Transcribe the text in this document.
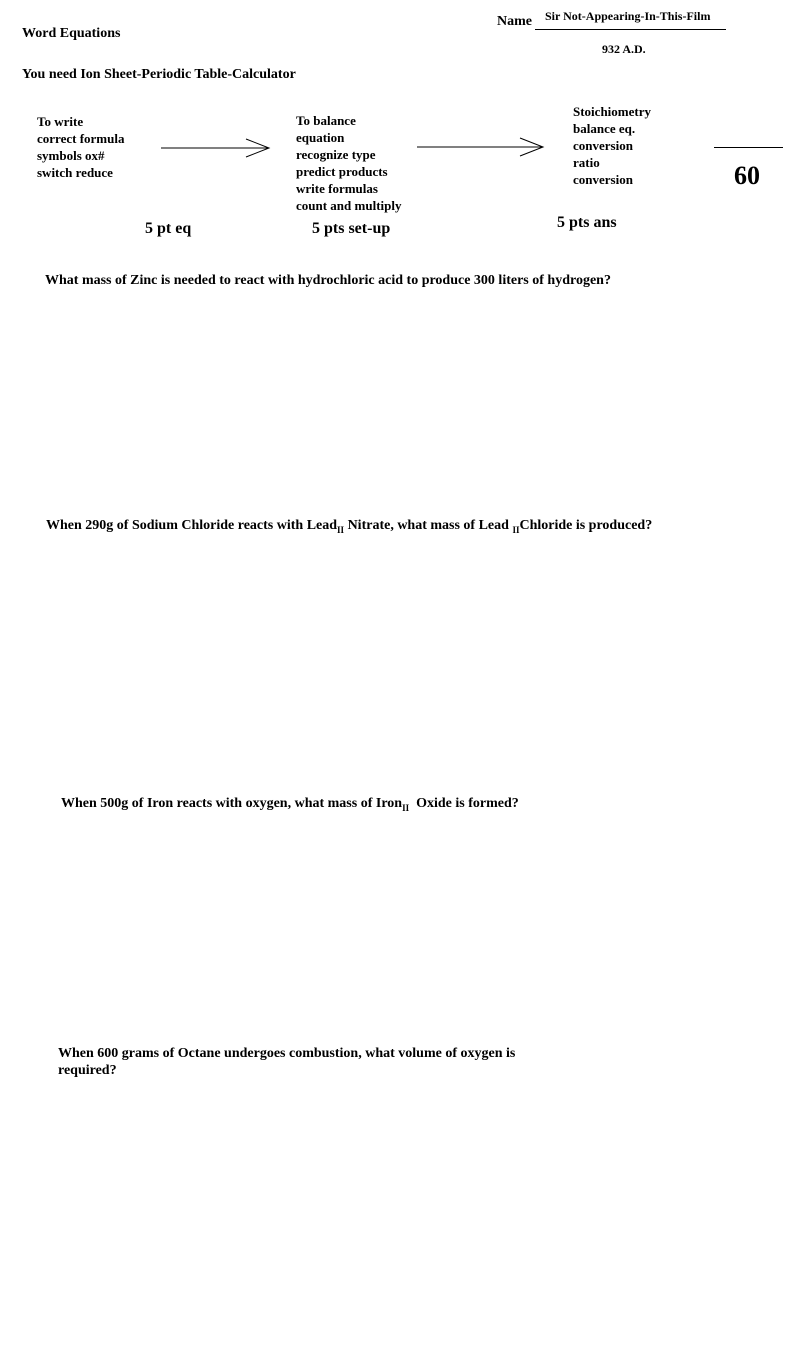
Word Equations
Name Sir Not-Appearing-In-This-Film
932 A.D.
You need Ion Sheet-Periodic Table-Calculator
To write
correct formula
symbols ox#
switch reduce
To balance
equation
recognize type
predict products
write formulas
count and multiply
Stoichiometry
balance eq.
conversion
ratio
conversion	60
5 pt eq	5 pts set-up	5 pts ans
What mass of Zinc is needed to react with hydrochloric acid to produce 300 liters of hydrogen?
When 290g of Sodium Chloride reacts with Lead$_{II}$ Nitrate, what mass of Lead $_{II}$Chloride is produced?
When 500g of Iron reacts with oxygen, what mass of Iron$_{II}$  Oxide is formed?
When 600 grams of Octane undergoes combustion, what volume of oxygen is
required?
